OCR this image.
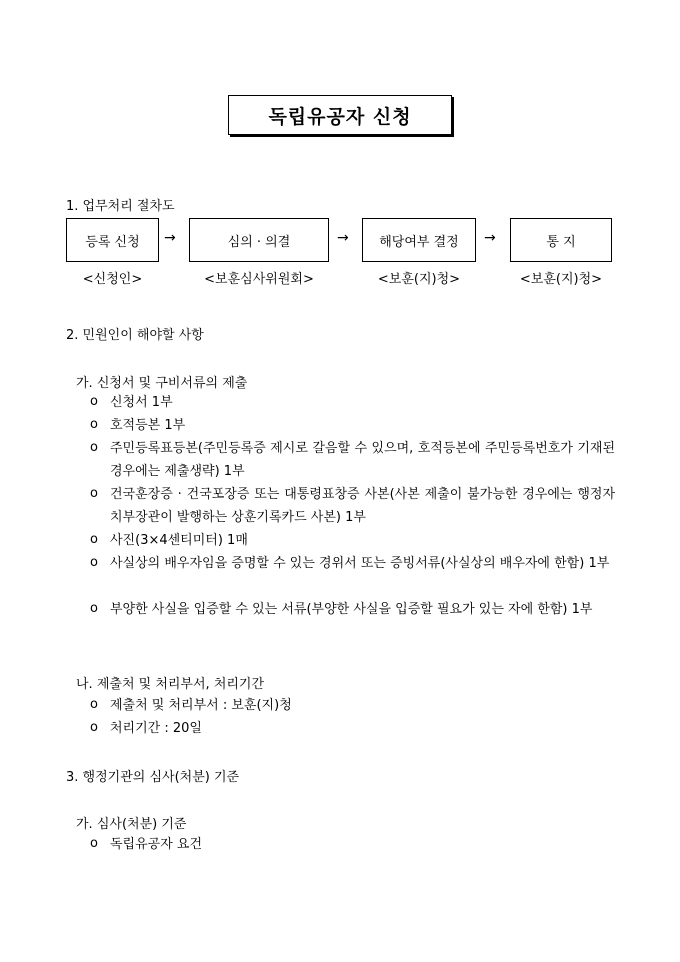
독립유공자 신청
1. 업무처리 절차도
등록 신청	→	심의 · 의결	→	해당여부 결정	→	통 지
<신청인>	<보훈심사위원회>	<보훈(지)청>	<보훈(지)청>
2. 민원인이 해야할 사항
가. 신청서 및 구비서류의 제출
ο 신청서 1부
ο 호적등본 1부
ο 주민등록표등본(주민등록증 제시로 갈음할 수 있으며, 호적등본에 주민등록번호가 기재된 경우에는 제출생략) 1부
ο 건국훈장증 · 건국포장증 또는 대통령표창증 사본(사본 제출이 불가능한 경우에는 행정자치부장관이 발행하는 상훈기록카드 사본) 1부
ο 사진(3×4센티미터) 1매
ο 사실상의 배우자임을 증명할 수 있는 경위서 또는 증빙서류(사실상의 배우자에 한함) 1부
ο 부양한 사실을 입증할 수 있는 서류(부양한 사실을 입증할 필요가 있는 자에 한함) 1부
나. 제출처 및 처리부서, 처리기간
ο 제출처 및 처리부서 : 보훈(지)청
ο 처리기간 : 20일
3. 행정기관의 심사(처분) 기준
가. 심사(처분) 기준
ο 독립유공자 요건
